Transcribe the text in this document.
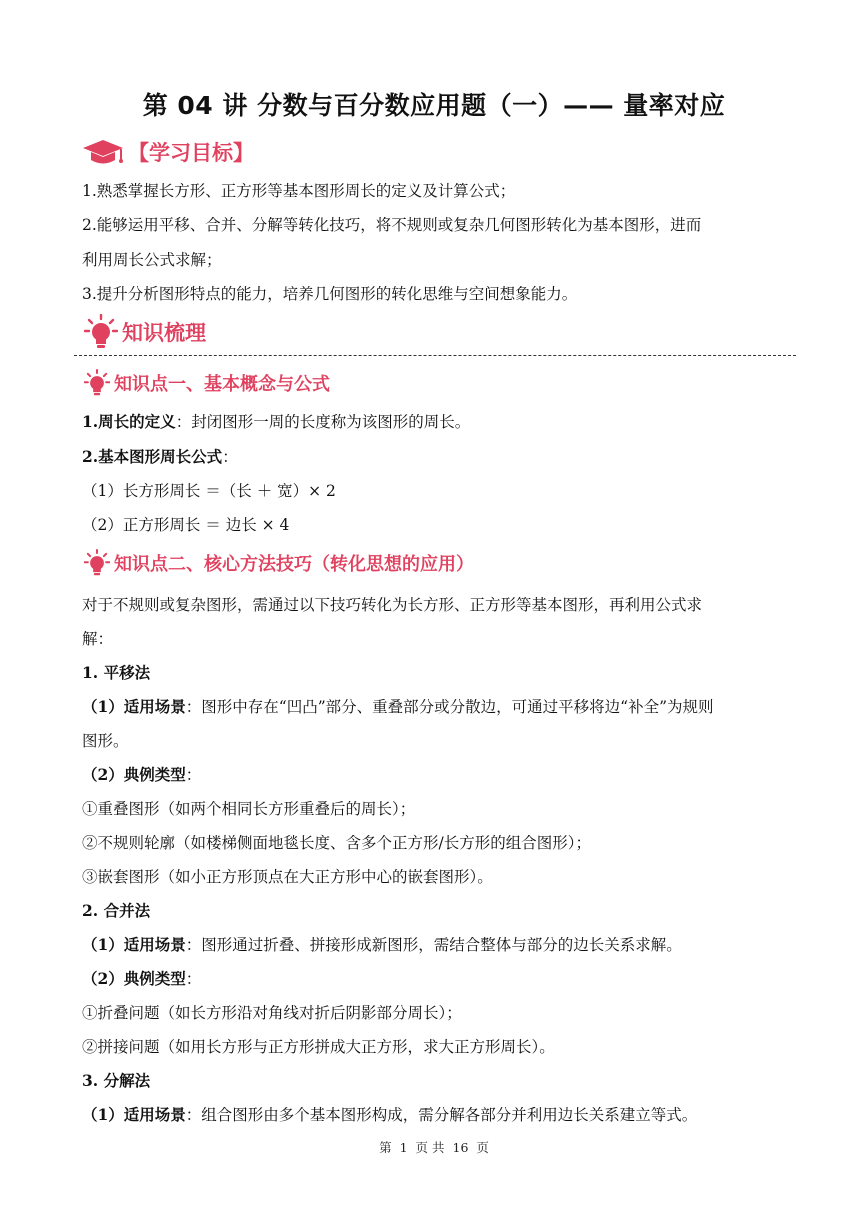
第 04 讲 分数与百分数应用题（一）—— 量率对应
【学习目标】
1.熟悉掌握长方形、正方形等基本图形周长的定义及计算公式；
2.能够运用平移、合并、分解等转化技巧，将不规则或复杂几何图形转化为基本图形，进而
利用周长公式求解；
3.提升分析图形特点的能力，培养几何图形的转化思维与空间想象能力。
知识梳理
知识点一、基本概念与公式
1.周长的定义：封闭图形一周的长度称为该图形的周长。
2.基本图形周长公式：
（1）长方形周长 ＝（长 ＋ 宽）× 2
（2）正方形周长 ＝ 边长 × 4
知识点二、核心方法技巧（转化思想的应用）
对于不规则或复杂图形，需通过以下技巧转化为长方形、正方形等基本图形，再利用公式求
解：
1. 平移法
（1）适用场景：图形中存在“凹凸”部分、重叠部分或分散边，可通过平移将边“补全”为规则
图形。
（2）典例类型：
①重叠图形（如两个相同长方形重叠后的周长）；
②不规则轮廓（如楼梯侧面地毯长度、含多个正方形/长方形的组合图形）；
③嵌套图形（如小正方形顶点在大正方形中心的嵌套图形）。
2. 合并法
（1）适用场景：图形通过折叠、拼接形成新图形，需结合整体与部分的边长关系求解。
（2）典例类型：
①折叠问题（如长方形沿对角线对折后阴影部分周长）；
②拼接问题（如用长方形与正方形拼成大正方形，求大正方形周长）。
3. 分解法
（1）适用场景：组合图形由多个基本图形构成，需分解各部分并利用边长关系建立等式。
第 1 页 共 16 页
